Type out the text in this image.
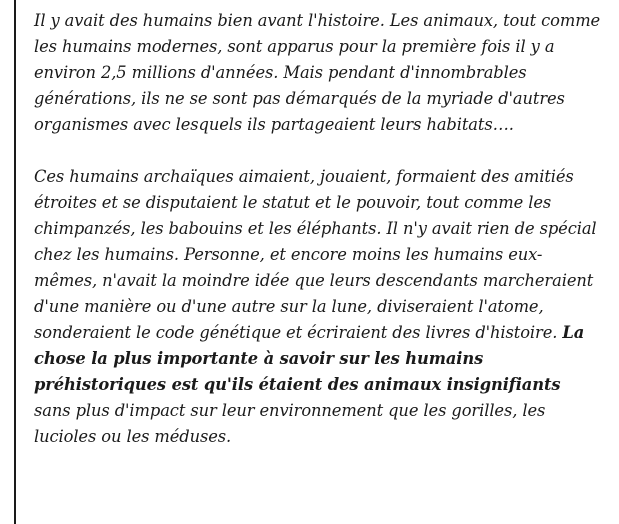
Il y avait des humains bien avant l'histoire. Les animaux, tout comme les humains modernes, sont apparus pour la première fois il y a environ 2,5 millions d'années. Mais pendant d'innombrables générations, ils ne se sont pas démarqués de la myriade d'autres organismes avec lesquels ils partageaient leurs habitats….

Ces humains archaïques aimaient, jouaient, formaient des amitiés étroites et se disputaient le statut et le pouvoir, tout comme les chimpanzés, les babouins et les éléphants. Il n'y avait rien de spécial chez les humains. Personne, et encore moins les humains eux-mêmes, n'avait la moindre idée que leurs descendants marcheraient d'une manière ou d'une autre sur la lune, diviseraient l'atome, sonderaient le code génétique et écriraient des livres d'histoire. La chose la plus importante à savoir sur les humains préhistoriques est qu'ils étaient des animaux insignifiants sans plus d'impact sur leur environnement que les gorilles, les lucioles ou les méduses.
